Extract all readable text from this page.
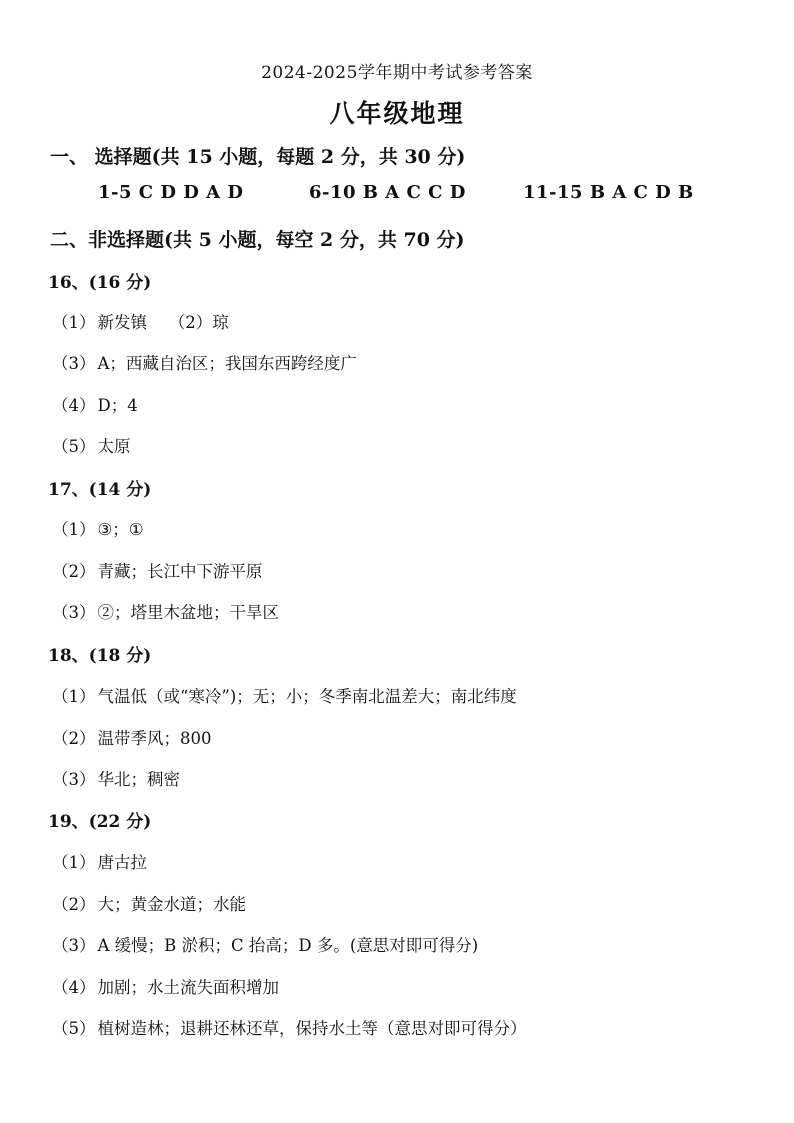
2024-2025学年期中考试参考答案
八年级地理
一、 选择题(共 15 小题，每题 2 分，共 30 分)
1-5 C D D A D	6-10 B A C C D	11-15 B A C D B
二、非选择题(共 5 小题，每空 2 分，共 70 分)
16、(16 分)
（1） 新发镇　 （2）琼
（3） A；西藏自治区；我国东西跨经度广
（4） D；4
（5） 太原
17、(14 分)
（1） ③；①
（2） 青藏；长江中下游平原
（3） ②；塔里木盆地；干旱区
18、(18 分)
（1） 气温低（或“寒冷”)；无；小；冬季南北温差大；南北纬度
（2） 温带季风；800
（3） 华北；稠密
19、(22 分)
（1） 唐古拉
（2） 大；黄金水道；水能
（3） A 缓慢；B 淤积；C 抬高；D 多。(意思对即可得分)
（4） 加剧；水土流失面积增加
（5） 植树造林；退耕还林还草，保持水土等（意思对即可得分）
